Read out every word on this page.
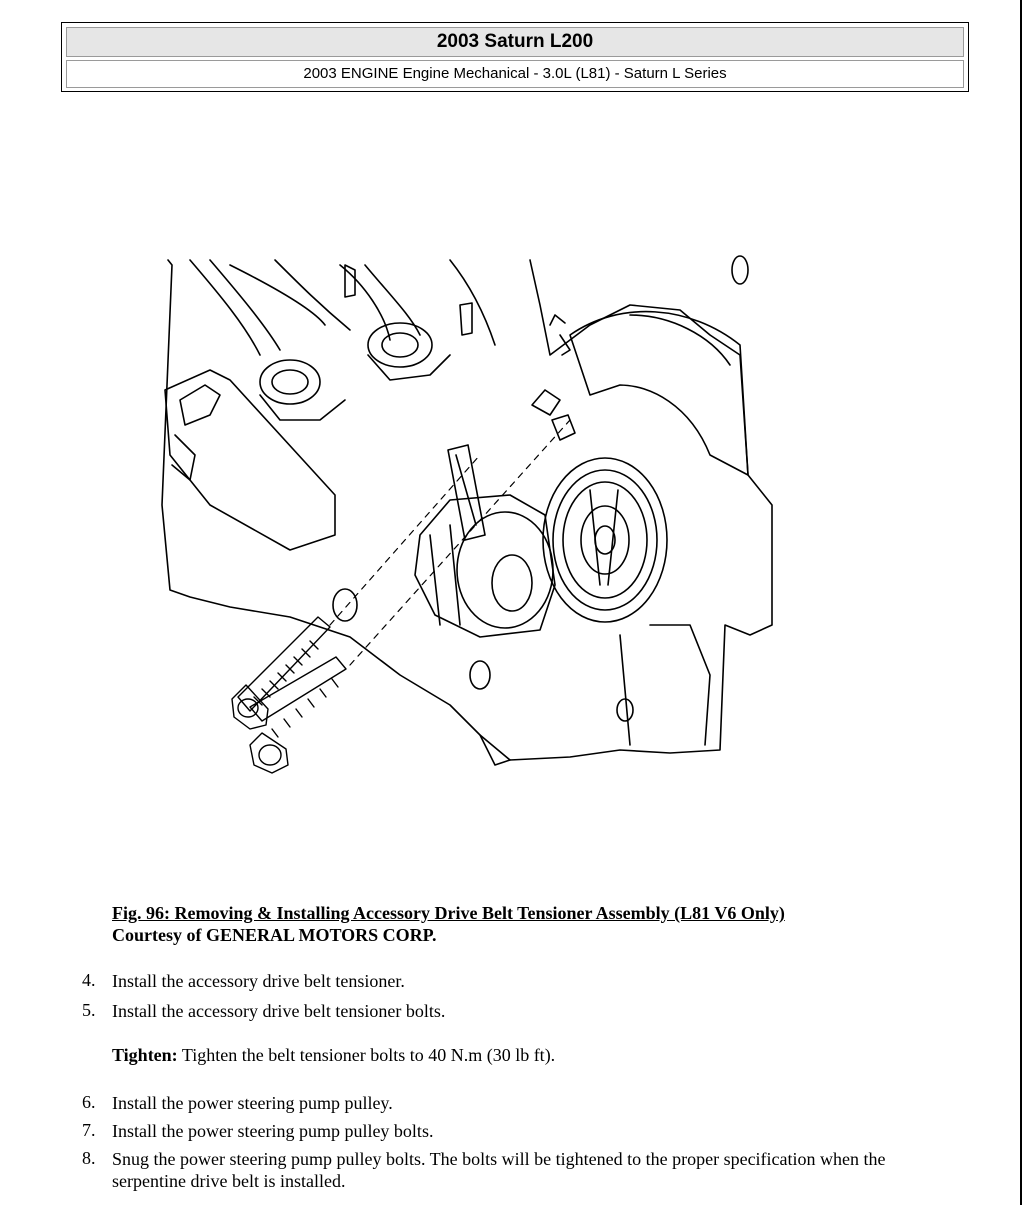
2003 Saturn L200
2003 ENGINE Engine Mechanical - 3.0L (L81) - Saturn L Series
Fig. 96: Removing & Installing Accessory Drive Belt Tensioner Assembly (L81 V6 Only)
Courtesy of GENERAL MOTORS CORP.
4. Install the accessory drive belt tensioner.
5. Install the accessory drive belt tensioner bolts.
6. Install the power steering pump pulley.
7. Install the power steering pump pulley bolts.
8. Snug the power steering pump pulley bolts. The bolts will be tightened to the proper specification when the serpentine drive belt is installed.
Tighten: Tighten the belt tensioner bolts to 40 N.m (30 lb ft).
